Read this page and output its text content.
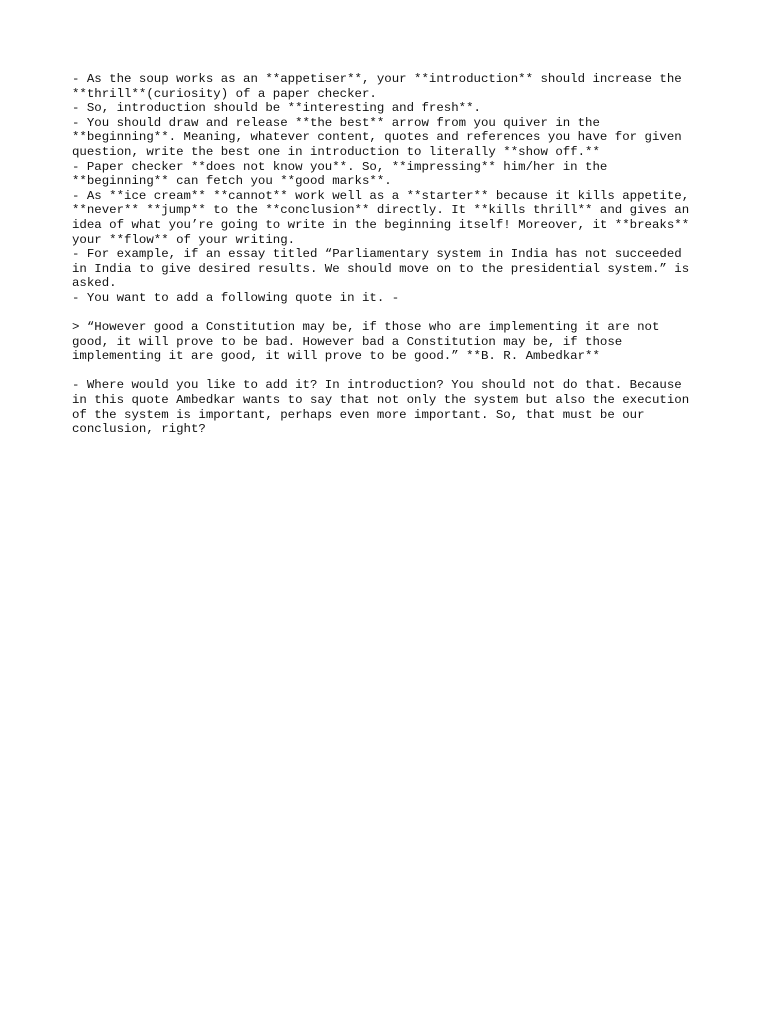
- As the soup works as an **appetiser**, your **introduction** should increase the
**thrill**(curiosity) of a paper checker.
- So, introduction should be **interesting and fresh**.
- You should draw and release **the best** arrow from you quiver in the
**beginning**. Meaning, whatever content, quotes and references you have for given
question, write the best one in introduction to literally **show off.**
- Paper checker **does not know you**. So, **impressing** him/her in the
**beginning** can fetch you **good marks**.
- As **ice cream** **cannot** work well as a **starter** because it kills appetite,
**never** **jump** to the **conclusion** directly. It **kills thrill** and gives an
idea of what you’re going to write in the beginning itself! Moreover, it **breaks**
your **flow** of your writing.
- For example, if an essay titled “Parliamentary system in India has not succeeded
in India to give desired results. We should move on to the presidential system.” is
asked.
- You want to add a following quote in it. -
> “However good a Constitution may be, if those who are implementing it are not
good, it will prove to be bad. However bad a Constitution may be, if those
implementing it are good, it will prove to be good.” **B. R. Ambedkar**
- Where would you like to add it? In introduction? You should not do that. Because
in this quote Ambedkar wants to say that not only the system but also the execution
of the system is important, perhaps even more important. So, that must be our
conclusion, right?
